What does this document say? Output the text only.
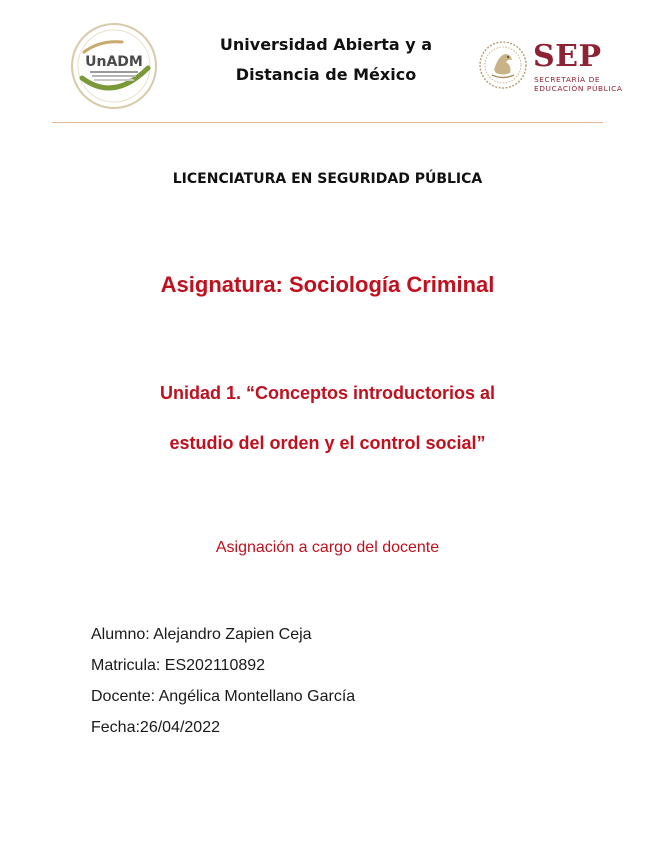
UnADM
Universidad Abierta y a
Distancia de México
SEP
SECRETARÍA DE
EDUCACIÓN PÚBLICA
LICENCIATURA EN SEGURIDAD PÚBLICA
Asignatura: Sociología Criminal
Unidad 1. “Conceptos introductorios al
estudio del orden y el control social”
Asignación a cargo del docente
Alumno: Alejandro Zapien Ceja
Matricula: ES202110892
Docente: Angélica Montellano García
Fecha:26/04/2022
